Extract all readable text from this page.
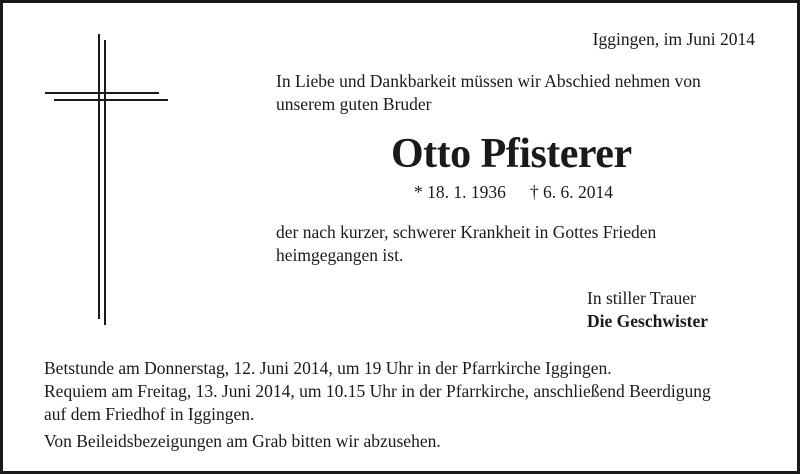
Iggingen, im Juni 2014
In Liebe und Dankbarkeit müssen wir Abschied nehmen von
unserem guten Bruder
Otto Pfisterer
* 18. 1. 1936 † 6. 6. 2014
der nach kurzer, schwerer Krankheit in Gottes Frieden
heimgegangen ist.
In stiller Trauer
Die Geschwister
Betstunde am Donnerstag, 12. Juni 2014, um 19 Uhr in der Pfarrkirche Iggingen.
Requiem am Freitag, 13. Juni 2014, um 10.15 Uhr in der Pfarrkirche, anschließend Beerdigung
auf dem Friedhof in Iggingen.
Von Beileidsbezeigungen am Grab bitten wir abzusehen.
